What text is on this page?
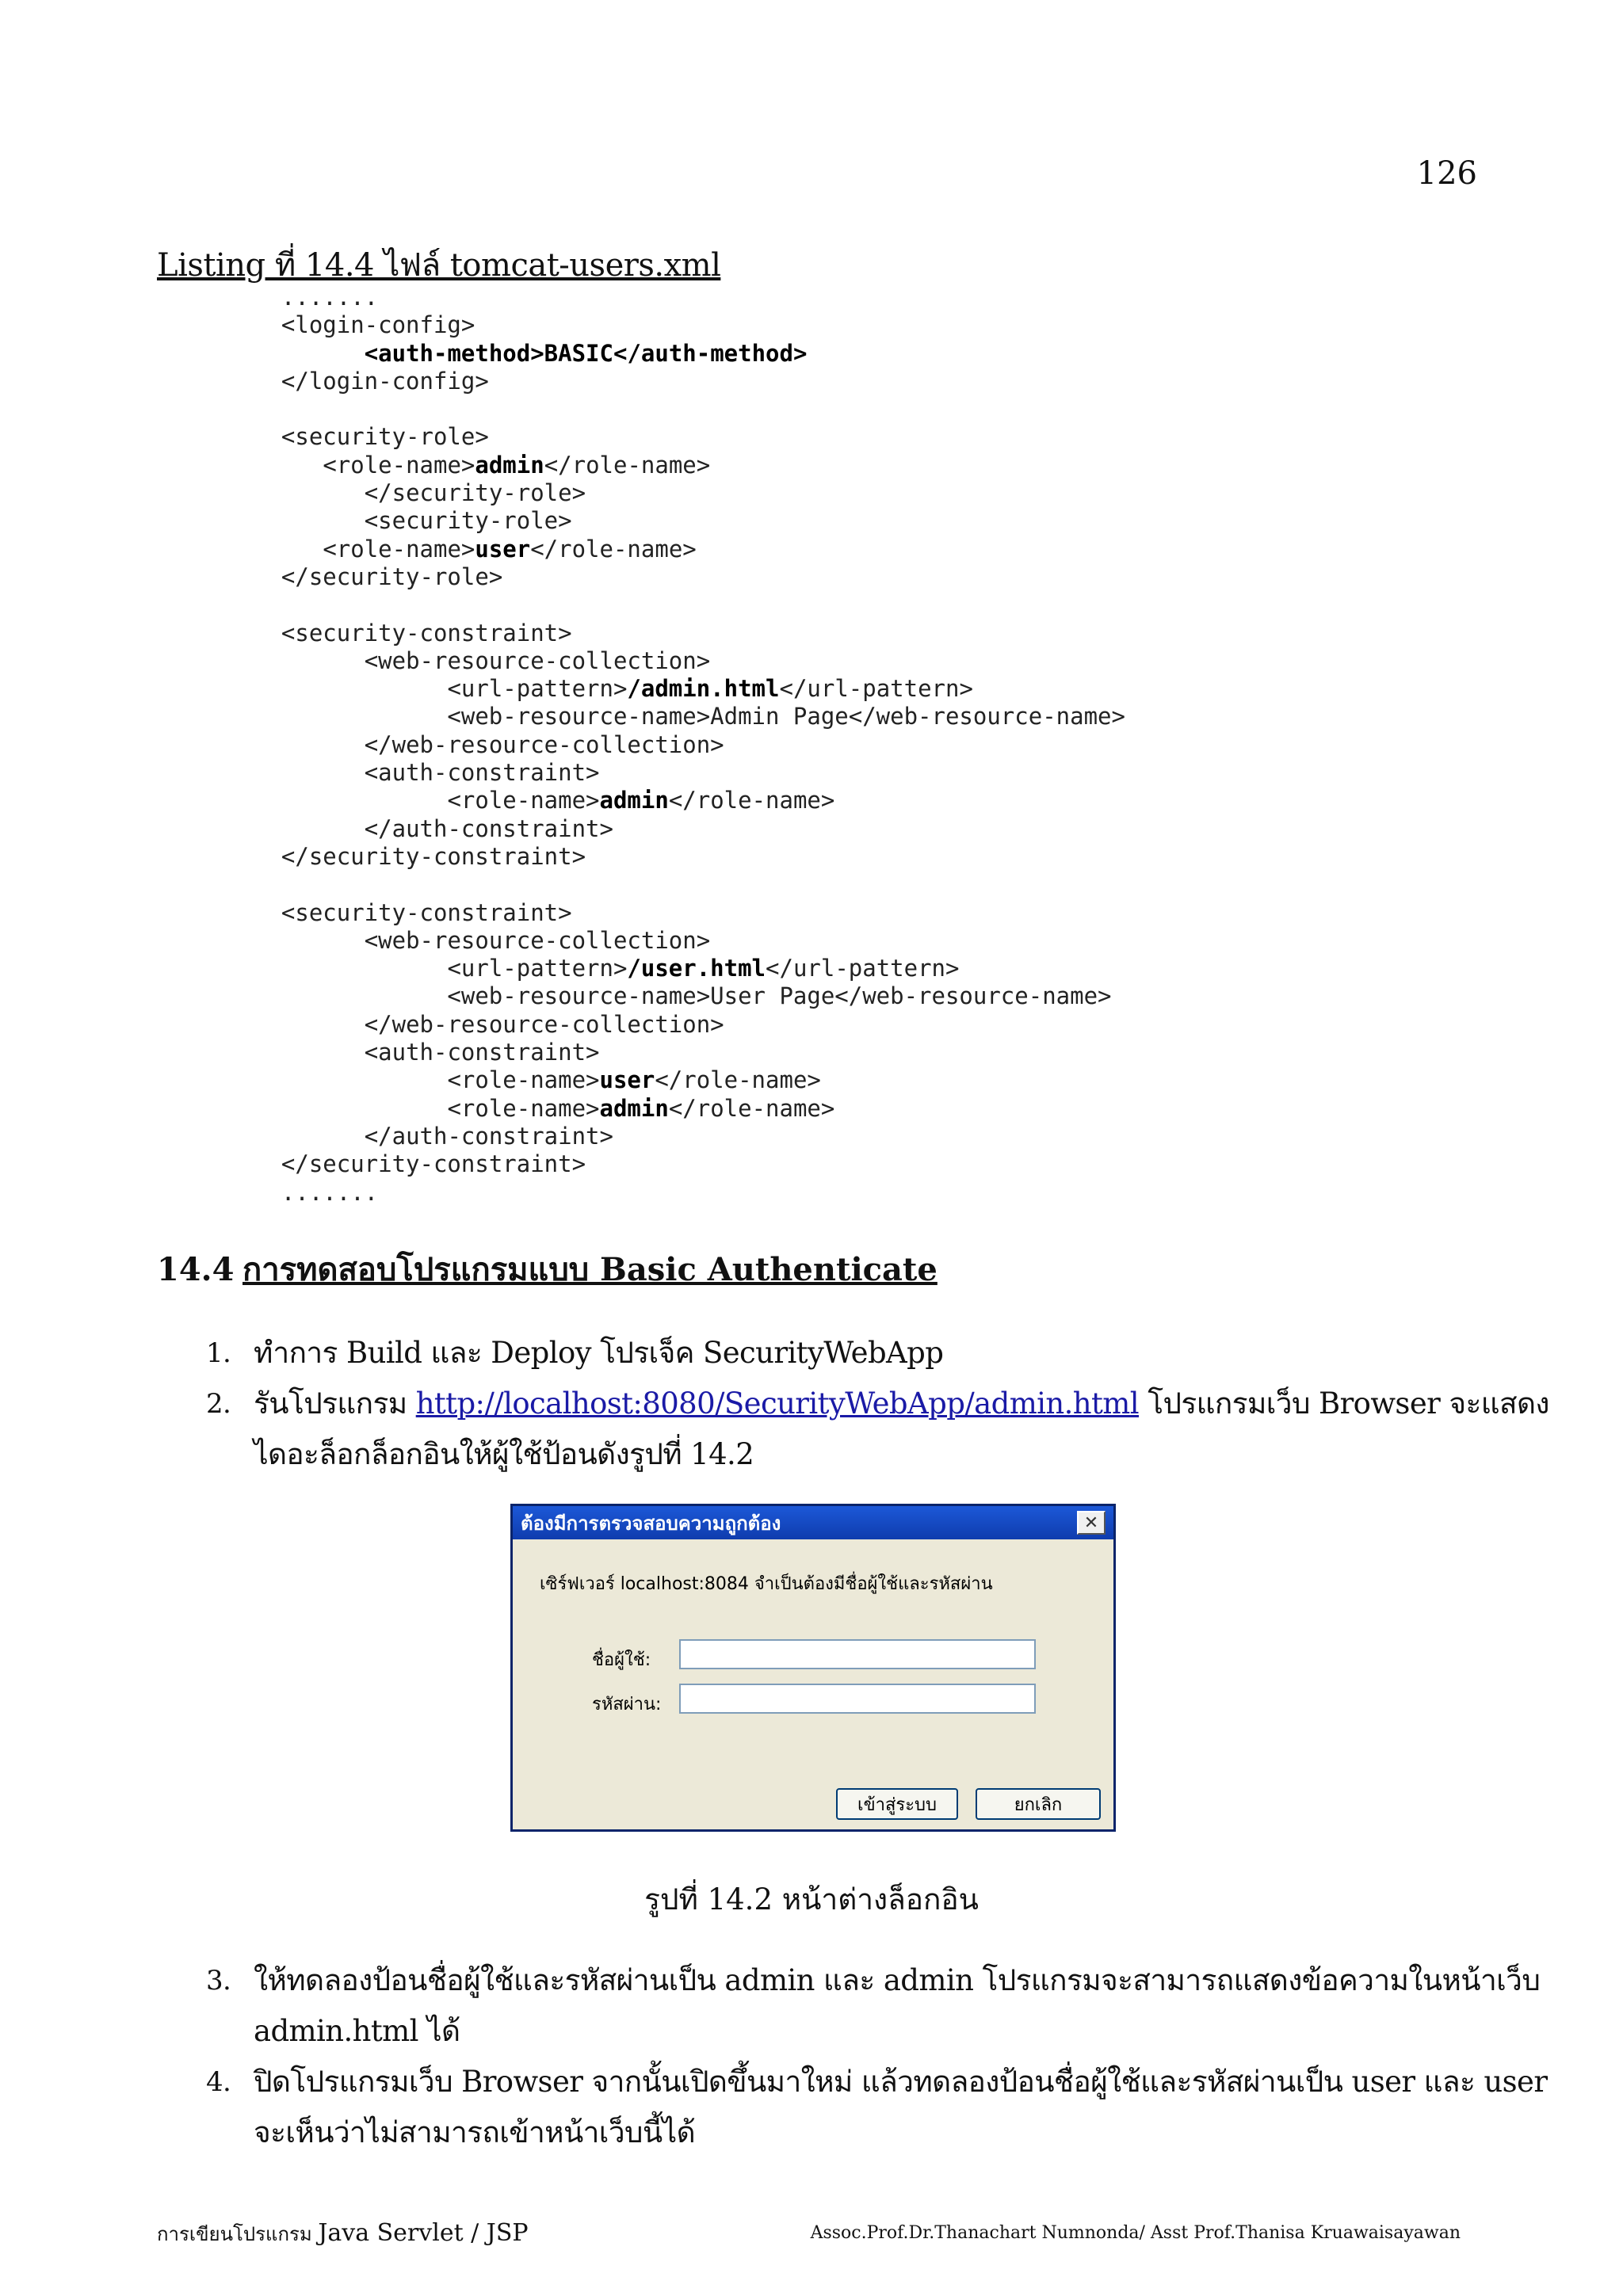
126
Listing ที่ 14.4 ไฟล์ tomcat-users.xml
.......
<login-config>
<auth-method>BASIC</auth-method>
</login-config>

<security-role>
<role-name>admin</role-name>
</security-role>
<security-role>
<role-name>user</role-name>
</security-role>

<security-constraint>
<web-resource-collection>
<url-pattern>/admin.html</url-pattern>
<web-resource-name>Admin Page</web-resource-name>
</web-resource-collection>
<auth-constraint>
<role-name>admin</role-name>
</auth-constraint>
</security-constraint>

<security-constraint>
<web-resource-collection>
<url-pattern>/user.html</url-pattern>
<web-resource-name>User Page</web-resource-name>
</web-resource-collection>
<auth-constraint>
<role-name>user</role-name>
<role-name>admin</role-name>
</auth-constraint>
</security-constraint>
.......
14.4 การทดสอบโปรแกรมแบบ Basic Authenticate
1. ทำการ Build และ Deploy โปรเจ็ค SecurityWebApp
2. รันโปรแกรม http://localhost:8080/SecurityWebApp/admin.html โปรแกรมเว็บ Browser จะแสดง
ไดอะล็อกล็อกอินให้ผู้ใช้ป้อนดังรูปที่ 14.2
ต้องมีการตรวจสอบความถูกต้อง	✕
เซิร์ฟเวอร์ localhost:8084 จำเป็นต้องมีชื่อผู้ใช้และรหัสผ่าน
ชื่อผู้ใช้:
รหัสผ่าน:
เข้าสู่ระบบ	ยกเลิก
รูปที่ 14.2 หน้าต่างล็อกอิน
3. ให้ทดลองป้อนชื่อผู้ใช้และรหัสผ่านเป็น admin และ admin โปรแกรมจะสามารถแสดงข้อความในหน้าเว็บ
admin.html ได้
4. ปิดโปรแกรมเว็บ Browser จากนั้นเปิดขึ้นมาใหม่ แล้วทดลองป้อนชื่อผู้ใช้และรหัสผ่านเป็น user และ user
จะเห็นว่าไม่สามารถเข้าหน้าเว็บนี้ได้
การเขียนโปรแกรม Java Servlet / JSP	Assoc.Prof.Dr.Thanachart Numnonda/ Asst Prof.Thanisa Kruawaisayawan
